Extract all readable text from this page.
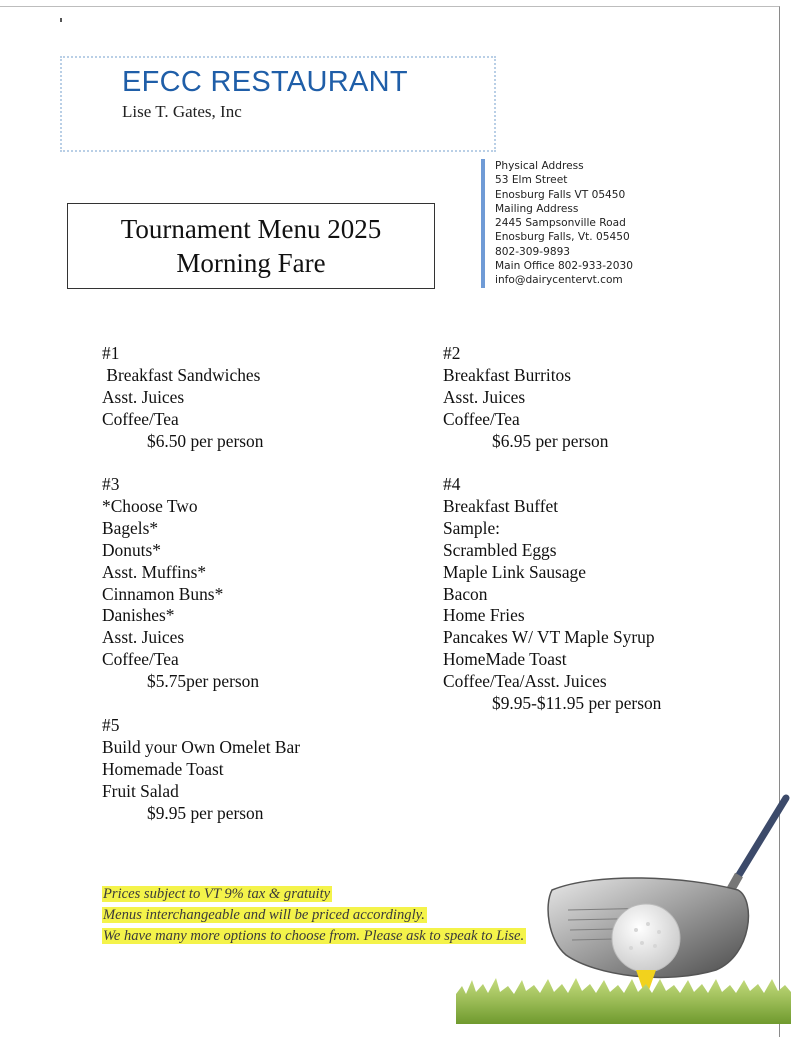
EFCC RESTAURANT
Lise T. Gates, Inc
Physical Address
53 Elm Street
Enosburg Falls VT 05450
Mailing Address
2445 Sampsonville Road
Enosburg Falls, Vt. 05450
802-309-9893
Main Office 802-933-2030
info@dairycentervt.com
Tournament Menu 2025
Morning Fare
#1
Breakfast Sandwiches
Asst. Juices
Coffee/Tea
$6.50 per person
#2
Breakfast Burritos
Asst. Juices
Coffee/Tea
$6.95 per person
#3
*Choose Two
Bagels*
Donuts*
Asst. Muffins*
Cinnamon Buns*
Danishes*
Asst. Juices
Coffee/Tea
$5.75per person
#4
Breakfast Buffet
Sample:
Scrambled Eggs
Maple Link Sausage
Bacon
Home Fries
Pancakes W/ VT Maple Syrup
HomeMade Toast
Coffee/Tea/Asst. Juices
$9.95-$11.95 per person
#5
Build your Own Omelet Bar
Homemade Toast
Fruit Salad
$9.95 per person
Prices subject to VT 9% tax & gratuity
Menus interchangeable and will be priced accordingly.
We have many more options to choose from. Please ask to speak to Lise.
